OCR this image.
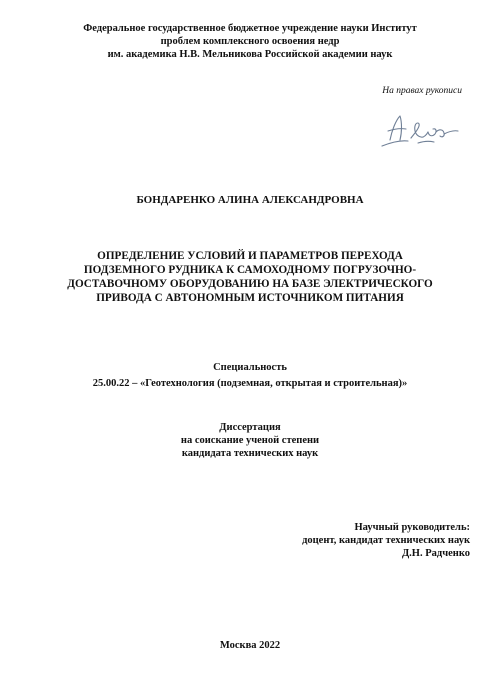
Федеральное государственное бюджетное учреждение науки Институт
проблем комплексного освоения недр
им. академика Н.В. Мельникова Российской академии наук
На правах рукописи
БОНДАРЕНКО АЛИНА АЛЕКСАНДРОВНА
ОПРЕДЕЛЕНИЕ УСЛОВИЙ И ПАРАМЕТРОВ ПЕРЕХОДА
ПОДЗЕМНОГО РУДНИКА К САМОХОДНОМУ ПОГРУЗОЧНО-
ДОСТАВОЧНОМУ ОБОРУДОВАНИЮ НА БАЗЕ ЭЛЕКТРИЧЕСКОГО
ПРИВОДА С АВТОНОМНЫМ ИСТОЧНИКОМ ПИТАНИЯ
Специальность
25.00.22 – «Геотехнология (подземная, открытая и строительная)»
Диссертация
на соискание ученой степени
кандидата технических наук
Научный руководитель:
доцент, кандидат технических наук
Д.Н. Радченко
Москва 2022
